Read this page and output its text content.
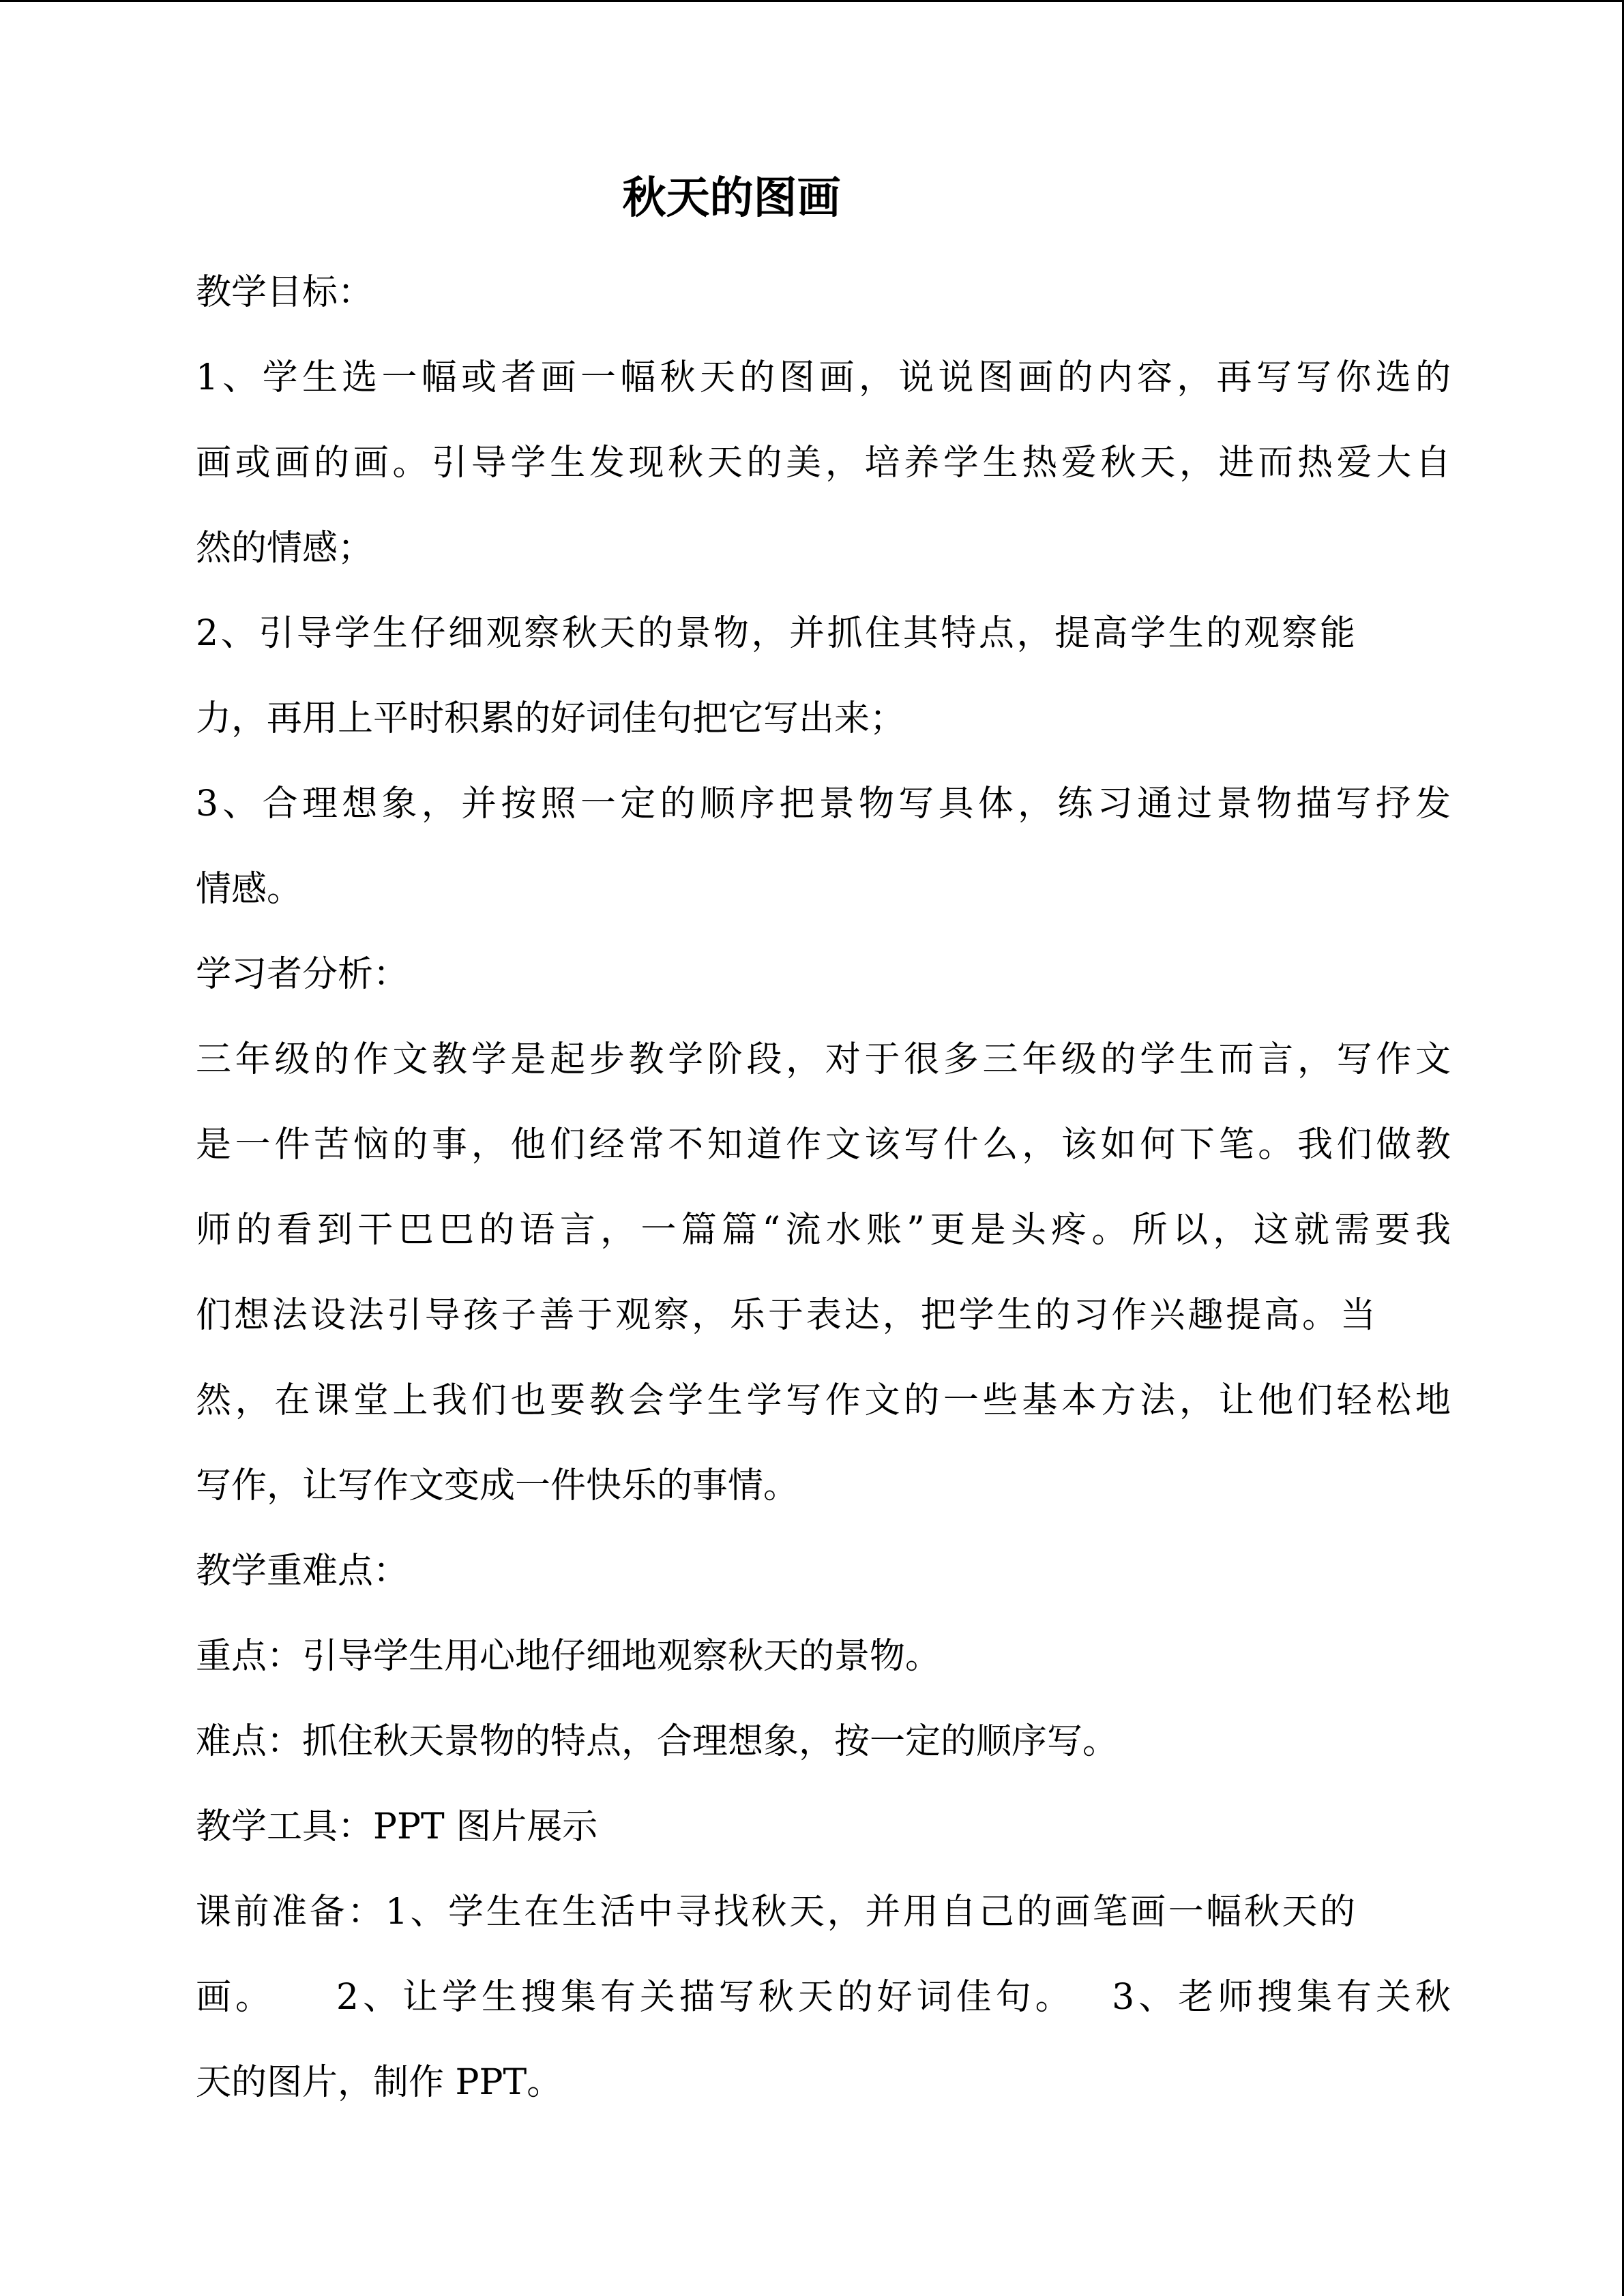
秋天的图画
教学目标：
1、学生选一幅或者画一幅秋天的图画，说说图画的内容，再写写你选的
画或画的画。引导学生发现秋天的美，培养学生热爱秋天，进而热爱大自
然的情感；
2、引导学生仔细观察秋天的景物，并抓住其特点，提高学生的观察能
力，再用上平时积累的好词佳句把它写出来；
3、合理想象，并按照一定的顺序把景物写具体，练习通过景物描写抒发
情感。
学习者分析：
三年级的作文教学是起步教学阶段，对于很多三年级的学生而言，写作文
是一件苦恼的事，他们经常不知道作文该写什么，该如何下笔。我们做教
师的看到干巴巴的语言，一篇篇“流水账”更是头疼。所以，这就需要我
们想法设法引导孩子善于观察，乐于表达，把学生的习作兴趣提高。当
然，在课堂上我们也要教会学生学写作文的一些基本方法，让他们轻松地
写作，让写作文变成一件快乐的事情。
教学重难点：
重点：引导学生用心地仔细地观察秋天的景物。
难点：抓住秋天景物的特点，合理想象，按一定的顺序写。
教学工具：PPT 图片展示
课前准备：1、学生在生活中寻找秋天，并用自己的画笔画一幅秋天的
画。　　2、让学生搜集有关描写秋天的好词佳句。　 3、老师搜集有关秋
天的图片，制作 PPT。
